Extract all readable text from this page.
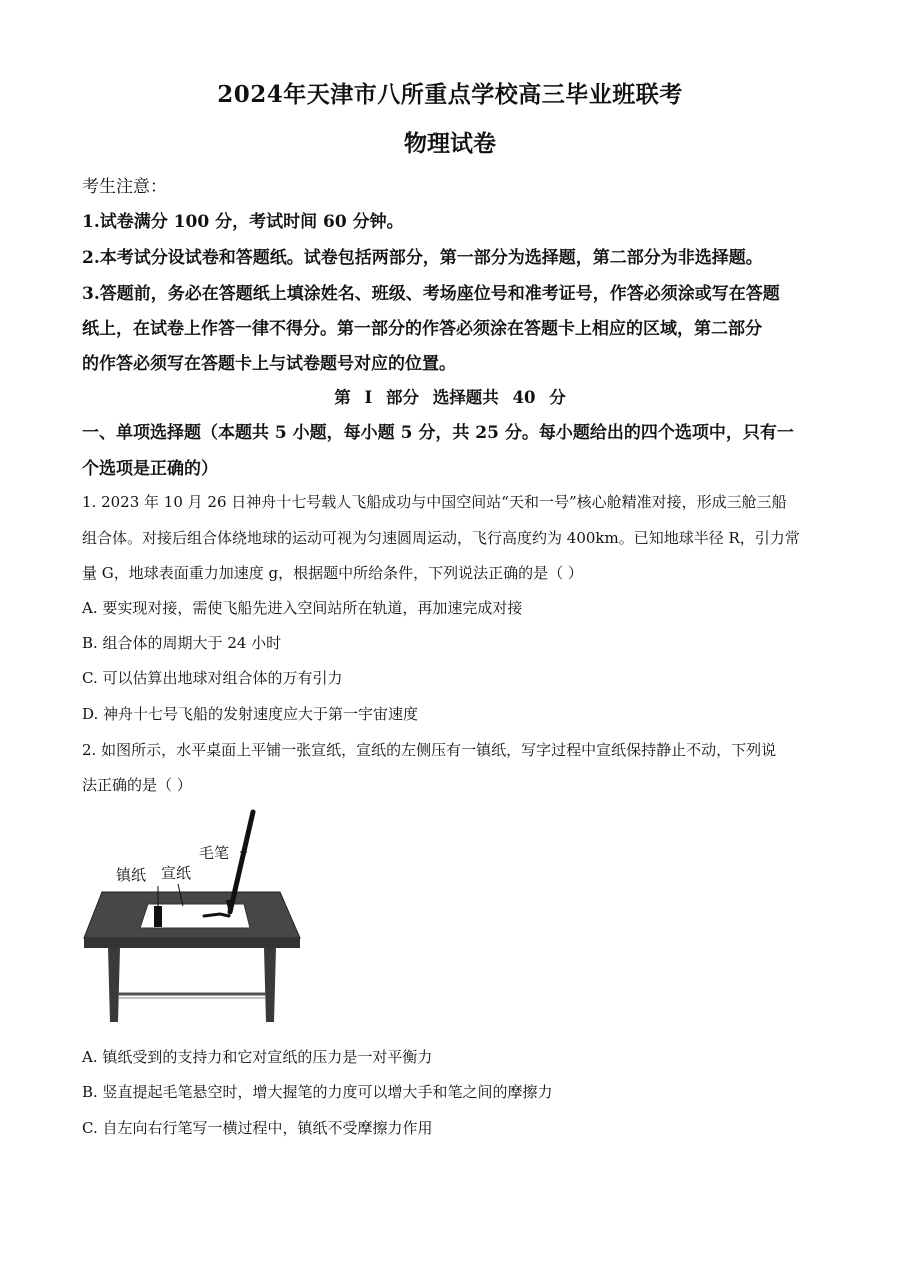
2024年天津市八所重点学校高三毕业班联考
物理试卷
考生注意：
1.试卷满分 100 分，考试时间 60 分钟。
2.本考试分设试卷和答题纸。试卷包括两部分，第一部分为选择题，第二部分为非选择题。
3.答题前，务必在答题纸上填涂姓名、班级、考场座位号和准考证号，作答必须涂或写在答题
纸上，在试卷上作答一律不得分。第一部分的作答必须涂在答题卡上相应的区域，第二部分
的作答必须写在答题卡上与试卷题号对应的位置。
第 I 部分 选择题共 40 分
一、单项选择题（本题共 5 小题，每小题 5 分，共 25 分。每小题给出的四个选项中，只有一
个选项是正确的）
1. 2023 年 10 月 26 日神舟十七号载人飞船成功与中国空间站“天和一号”核心舱精准对接，形成三舱三船
组合体。对接后组合体绕地球的运动可视为匀速圆周运动，飞行高度约为 400km。已知地球半径 R，引力常
量 G，地球表面重力加速度 g，根据题中所给条件，下列说法正确的是（ ）
A. 要实现对接，需使飞船先进入空间站所在轨道，再加速完成对接
B. 组合体的周期大于 24 小时
C. 可以估算出地球对组合体的万有引力
D. 神舟十七号飞船的发射速度应大于第一宇宙速度
2. 如图所示，水平桌面上平铺一张宣纸，宣纸的左侧压有一镇纸，写字过程中宣纸保持静止不动，下列说
法正确的是（ ）
毛笔
镇纸 宣纸
A. 镇纸受到的支持力和它对宣纸的压力是一对平衡力
B. 竖直提起毛笔悬空时，增大握笔的力度可以增大手和笔之间的摩擦力
C. 自左向右行笔写一横过程中，镇纸不受摩擦力作用
